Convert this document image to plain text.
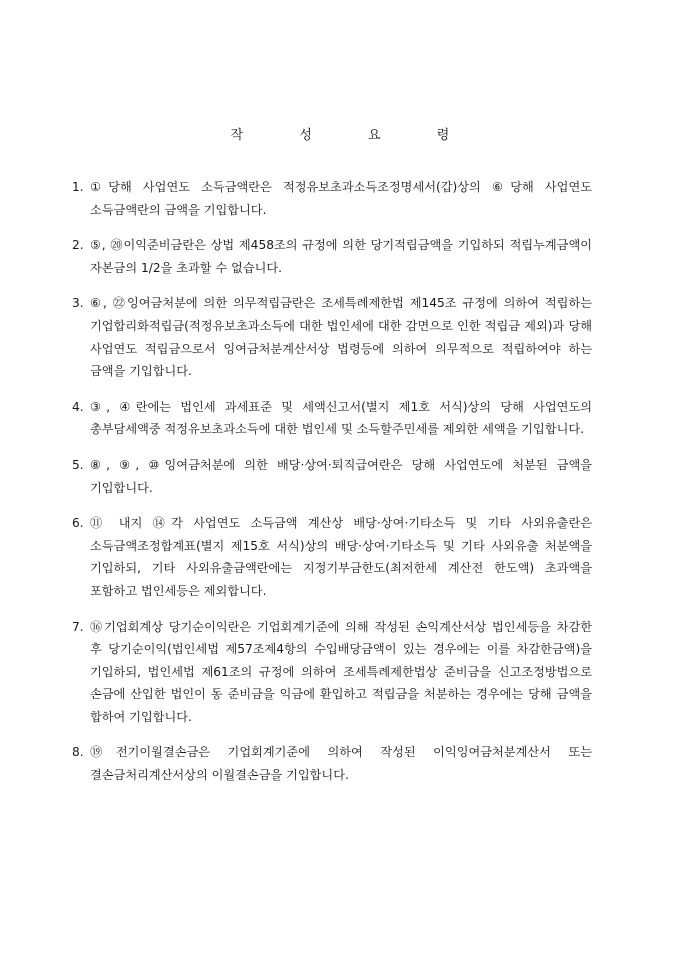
작 성 요 령
1. ①당해 사업연도 소득금액란은 적정유보초과소득조정명세서(갑)상의 ⑥당해 사업연도 소득금액란의 금액을 기입합니다.
2. ⑤, ⑳이익준비금란은 상법 제458조의 규정에 의한 당기적립금액을 기입하되 적립누계금액이 자본금의 1/2을 초과할 수 없습니다.
3. ⑥, ㉒잉여금처분에 의한 의무적립금란은 조세특례제한법 제145조 규정에 의하여 적립하는 기업합리화적립금(적정유보초과소득에 대한 법인세에 대한 감면으로 인한 적립금 제외)과 당해 사업연도 적립금으로서 잉여금처분계산서상 법령등에 의하여 의무적으로 적립하여야 하는 금액을 기입합니다.
4. ③, ④란에는 법인세 과세표준 및 세액신고서(별지 제1호 서식)상의 당해 사업연도의 총부담세액중 적정유보초과소득에 대한 법인세 및 소득할주민세를 제외한 세액을 기입합니다.
5. ⑧, ⑨, ⑩잉여금처분에 의한 배당·상여·퇴직급여란은 당해 사업연도에 처분된 금액을 기입합니다.
6. ⑪ 내지 ⑭각 사업연도 소득금액 계산상 배당·상여·기타소득 및 기타 사외유출란은 소득금액조정합계표(별지 제15호 서식)상의 배당·상여·기타소득 및 기타 사외유출 처분액을 기입하되, 기타 사외유출금액란에는 지정기부금한도(최저한세 계산전 한도액) 초과액을 포함하고 법인세등은 제외합니다.
7. ⑯기업회계상 당기순이익란은 기업회계기준에 의해 작성된 손익계산서상 법인세등을 차감한 후 당기순이익(법인세법 제57조제4항의 수입배당금액이 있는 경우에는 이를 차감한금액)을 기입하되, 법인세법 제61조의 규정에 의하여 조세특례제한법상 준비금을 신고조정방법으로 손금에 산입한 법인이 동 준비금을 익금에 환입하고 적립금을 처분하는 경우에는 당해 금액을 합하여 기입합니다.
8. ⑲전기이월결손금은 기업회계기준에 의하여 작성된 이익잉여금처분계산서 또는 결손금처리계산서상의 이월결손금을 기입합니다.
